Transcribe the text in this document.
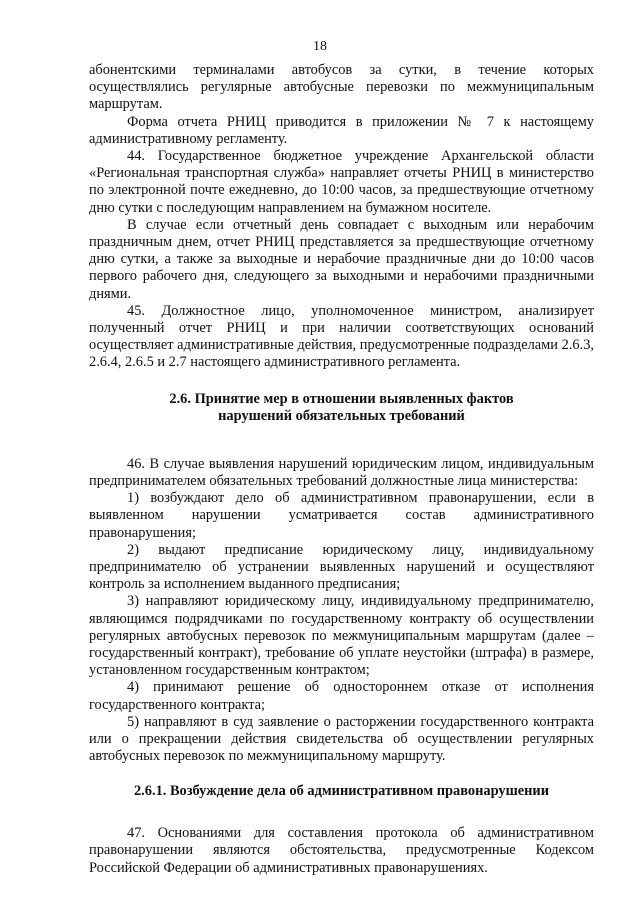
18

абонентскими терминалами автобусов за сутки, в течение которых осуществлялись регулярные автобусные перевозки по межмуниципальным маршрутам.

Форма отчета РНИЦ приводится в приложении № 7 к настоящему административному регламенту.

44. Государственное бюджетное учреждение Архангельской области «Региональная транспортная служба» направляет отчеты РНИЦ в министерство по электронной почте ежедневно, до 10:00 часов, за предшествующие отчетному дню сутки с последующим направлением на бумажном носителе.

В случае если отчетный день совпадает с выходным или нерабочим праздничным днем, отчет РНИЦ представляется за предшествующие отчетному дню сутки, а также за выходные и нерабочие праздничные дни до 10:00 часов первого рабочего дня, следующего за выходными и нерабочими праздничными днями.

45. Должностное лицо, уполномоченное министром, анализирует полученный отчет РНИЦ и при наличии соответствующих оснований осуществляет административные действия, предусмотренные подразделами 2.6.3, 2.6.4, 2.6.5 и 2.7 настоящего административного регламента.

2.6. Принятие мер в отношении выявленных фактов
нарушений обязательных требований

46. В случае выявления нарушений юридическим лицом, индивидуальным предпринимателем обязательных требований должностные лица министерства:

1) возбуждают дело об административном правонарушении, если в выявленном нарушении усматривается состав административного правонарушения;

2) выдают предписание юридическому лицу, индивидуальному предпринимателю об устранении выявленных нарушений и осуществляют контроль за исполнением выданного предписания;

3) направляют юридическому лицу, индивидуальному предпринимателю, являющимся подрядчиками по государственному контракту об осуществлении регулярных автобусных перевозок по межмуниципальным маршрутам (далее – государственный контракт), требование об уплате неустойки (штрафа) в размере, установленном государственным контрактом;

4) принимают решение об одностороннем отказе от исполнения государственного контракта;

5) направляют в суд заявление о расторжении государственного контракта или о прекращении действия свидетельства об осуществлении регулярных автобусных перевозок по межмуниципальному маршруту.

2.6.1. Возбуждение дела об административном правонарушении

47. Основаниями для составления протокола об административном правонарушении являются обстоятельства, предусмотренные Кодексом Российской Федерации об административных правонарушениях.
